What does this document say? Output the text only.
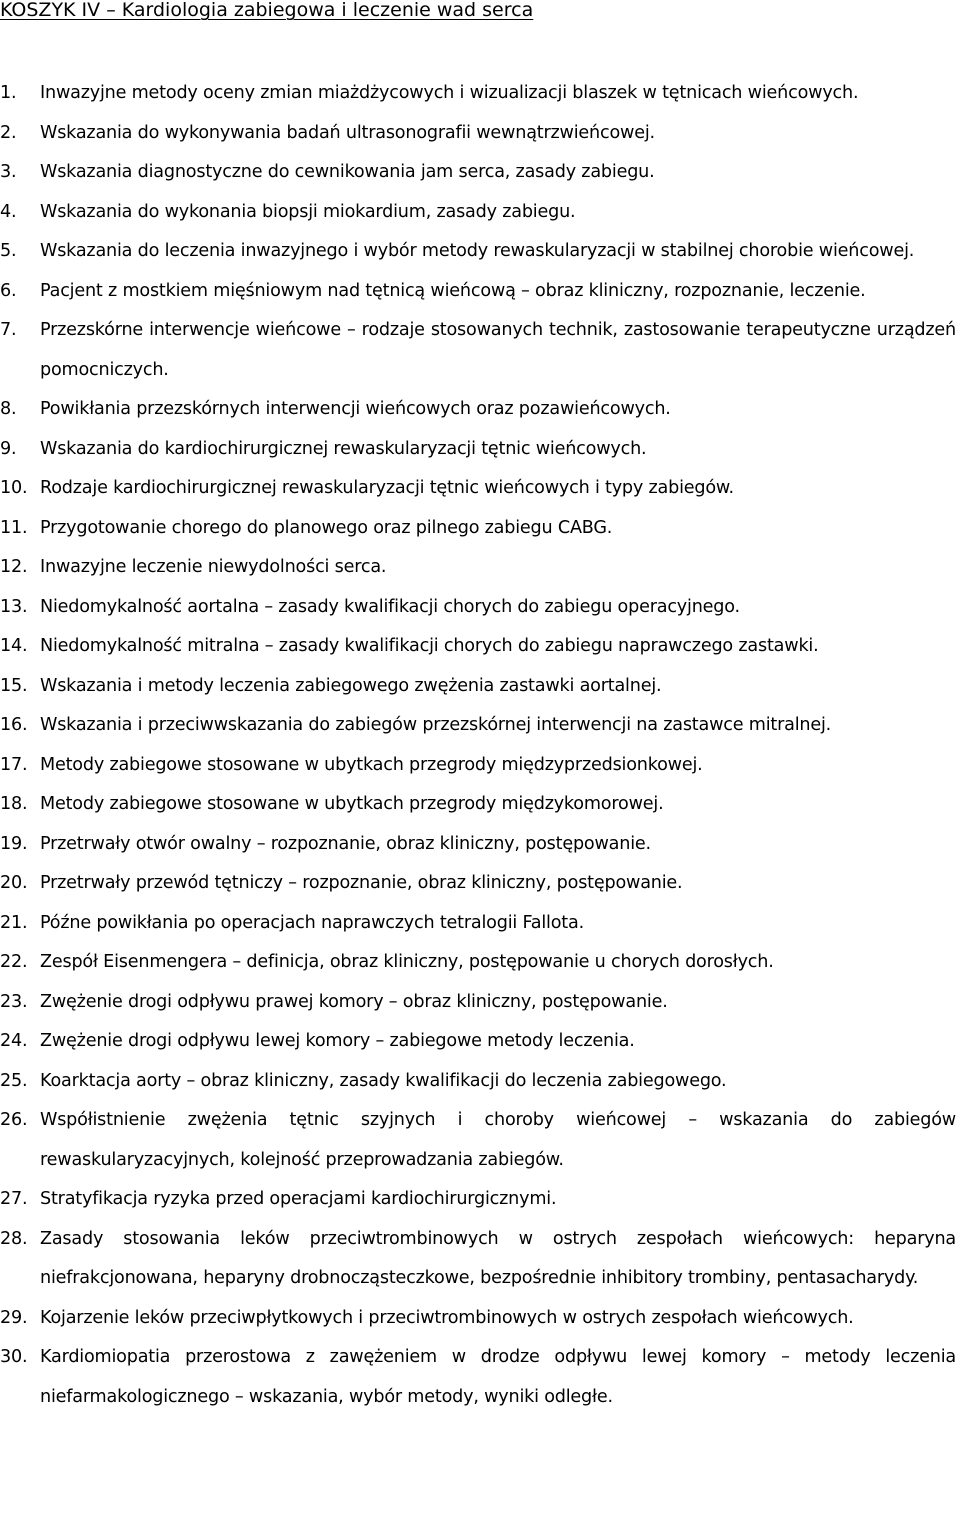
KOSZYK IV – Kardiologia zabiegowa i leczenie wad serca
1.	Inwazyjne metody oceny zmian miażdżycowych i wizualizacji blaszek w tętnicach wieńcowych.
2.	Wskazania do wykonywania badań ultrasonografii wewnątrzwieńcowej.
3.	Wskazania diagnostyczne do cewnikowania jam serca, zasady zabiegu.
4.	Wskazania do wykonania biopsji miokardium, zasady zabiegu.
5.	Wskazania do leczenia inwazyjnego i wybór metody rewaskularyzacji w stabilnej chorobie wieńcowej.
6.	Pacjent z mostkiem mięśniowym nad tętnicą wieńcową – obraz kliniczny, rozpoznanie, leczenie.
7.	Przezskórne interwencje wieńcowe – rodzaje stosowanych technik, zastosowanie terapeutyczne urządzeń pomocniczych.
8.	Powikłania przezskórnych interwencji wieńcowych oraz pozawieńcowych.
9.	Wskazania do kardiochirurgicznej rewaskularyzacji tętnic wieńcowych.
10. Rodzaje kardiochirurgicznej rewaskularyzacji tętnic wieńcowych i typy zabiegów.
11. Przygotowanie chorego do planowego oraz pilnego zabiegu CABG.
12. Inwazyjne leczenie niewydolności serca.
13. Niedomykalność aortalna – zasady kwalifikacji chorych do zabiegu operacyjnego.
14. Niedomykalność mitralna – zasady kwalifikacji chorych do zabiegu naprawczego zastawki.
15. Wskazania i metody leczenia zabiegowego zwężenia zastawki aortalnej.
16. Wskazania i przeciwwskazania do zabiegów przezskórnej interwencji na zastawce mitralnej.
17. Metody zabiegowe stosowane w ubytkach przegrody międzyprzedsionkowej.
18. Metody zabiegowe stosowane w ubytkach przegrody międzykomorowej.
19. Przetrwały otwór owalny – rozpoznanie, obraz kliniczny, postępowanie.
20. Przetrwały przewód tętniczy – rozpoznanie, obraz kliniczny, postępowanie.
21. Późne powikłania po operacjach naprawczych tetralogii Fallota.
22. Zespół Eisenmengera – definicja, obraz kliniczny, postępowanie u chorych dorosłych.
23. Zwężenie drogi odpływu prawej komory – obraz kliniczny, postępowanie.
24. Zwężenie drogi odpływu lewej komory – zabiegowe metody leczenia.
25. Koarktacja aorty – obraz kliniczny, zasady kwalifikacji do leczenia zabiegowego.
26. Współistnienie zwężenia tętnic szyjnych i choroby wieńcowej – wskazania do zabiegów rewaskularyzacyjnych, kolejność przeprowadzania zabiegów.
27. Stratyfikacja ryzyka przed operacjami kardiochirurgicznymi.
28. Zasady stosowania leków przeciwtrombinowych w ostrych zespołach wieńcowych: heparyna niefrakcjonowana, heparyny drobnocząsteczkowe, bezpośrednie inhibitory trombiny, pentasacharydy.
29. Kojarzenie leków przeciwpłytkowych i przeciwtrombinowych w ostrych zespołach wieńcowych.
30. Kardiomiopatia przerostowa z zawężeniem w drodze odpływu lewej komory – metody leczenia niefarmakologicznego – wskazania, wybór metody, wyniki odległe.
